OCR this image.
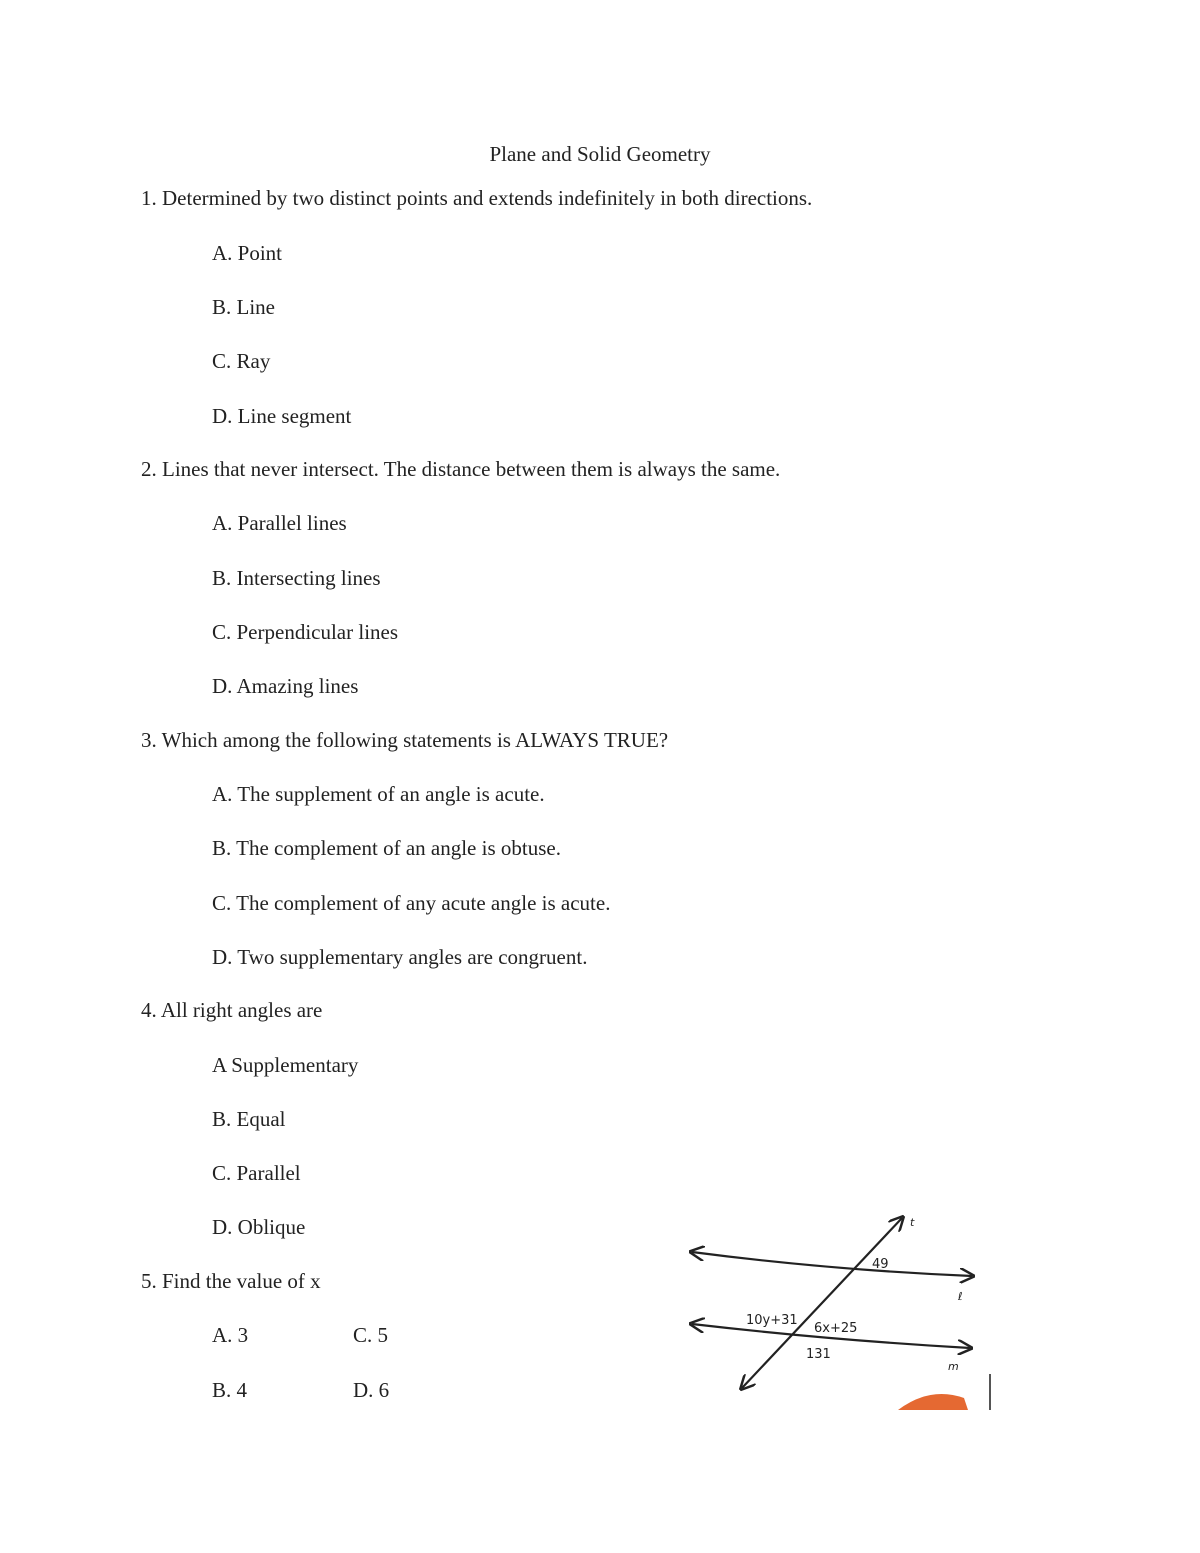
Plane and Solid Geometry
1. Determined by two distinct points and extends indefinitely in both directions.
A. Point
B. Line
C. Ray
D. Line segment
2. Lines that never intersect. The distance between them is always the same.
A. Parallel lines
B. Intersecting lines
C. Perpendicular lines
D. Amazing lines
3. Which among the following statements is ALWAYS TRUE?
A. The supplement of an angle is acute.
B. The complement of an angle is obtuse.
C. The complement of any acute angle is acute.
D. Two supplementary angles are congruent.
4. All right angles are
A Supplementary
B. Equal
C. Parallel
D. Oblique
5. Find the value of x
A. 3	C. 5
B. 4	D. 6
t
ℓ
m
49
10y+31
6x+25
131
